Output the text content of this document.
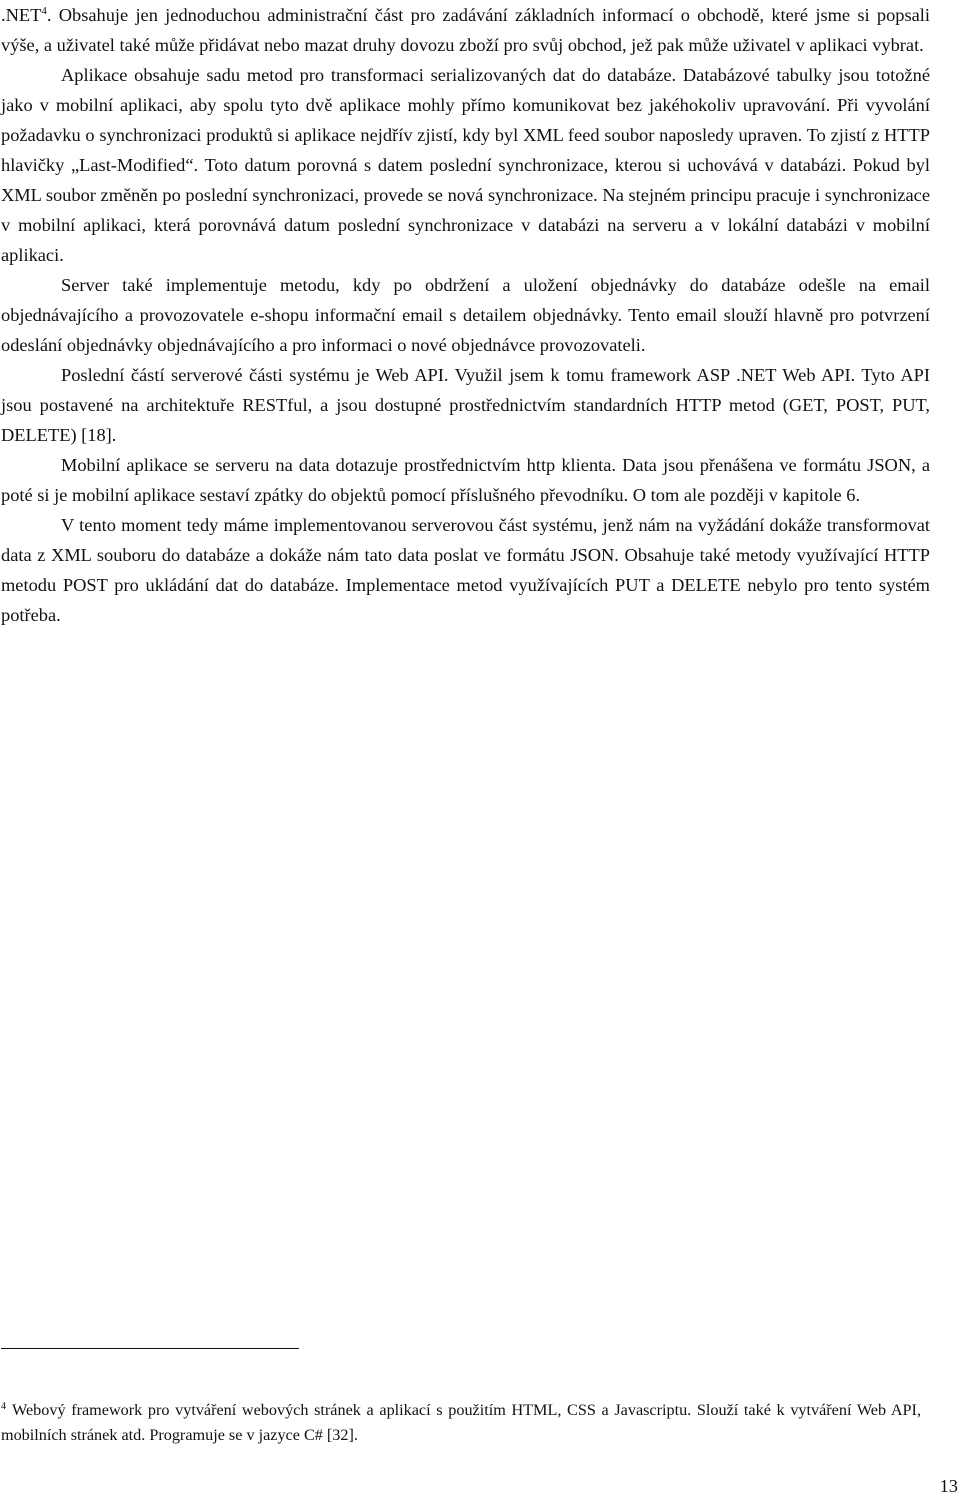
.NET$^4$. Obsahuje jen jednoduchou administrační část pro zadávání základních informací o obchodě, které jsme si popsali výše, a uživatel také může přidávat nebo mazat druhy dovozu zboží pro svůj obchod, jež pak může uživatel v aplikaci vybrat.

Aplikace obsahuje sadu metod pro transformaci serializovaných dat do databáze. Databázové tabulky jsou totožné jako v mobilní aplikaci, aby spolu tyto dvě aplikace mohly přímo komunikovat bez jakéhokoliv upravování. Při vyvolání požadavku o synchronizaci produktů si aplikace nejdřív zjistí, kdy byl XML feed soubor naposledy upraven. To zjistí z HTTP hlavičky „Last-Modified“. Toto datum porovná s datem poslední synchronizace, kterou si uchovává v databázi. Pokud byl XML soubor změněn po poslední synchronizaci, provede se nová synchronizace. Na stejném principu pracuje i synchronizace v mobilní aplikaci, která porovnává datum poslední synchronizace v databázi na serveru a v lokální databázi v mobilní aplikaci.

Server také implementuje metodu, kdy po obdržení a uložení objednávky do databáze odešle na email objednávajícího a provozovatele e-shopu informační email s detailem objednávky. Tento email slouží hlavně pro potvrzení odeslání objednávky objednávajícího a pro informaci o nové objednávce provozovateli.

Poslední částí serverové části systému je Web API. Využil jsem k tomu framework ASP .NET Web API. Tyto API jsou postavené na architektuře RESTful, a jsou dostupné prostřednictvím standardních HTTP metod (GET, POST, PUT, DELETE) [18].

Mobilní aplikace se serveru na data dotazuje prostřednictvím http klienta. Data jsou přenášena ve formátu JSON, a poté si je mobilní aplikace sestaví zpátky do objektů pomocí příslušného převodníku. O tom ale později v kapitole 6.

V tento moment tedy máme implementovanou serverovou část systému, jenž nám na vyžádání dokáže transformovat data z XML souboru do databáze a dokáže nám tato data poslat ve formátu JSON. Obsahuje také metody využívající HTTP metodu POST pro ukládání dat do databáze. Implementace metod využívajících PUT a DELETE nebylo pro tento systém potřeba.

$^4$ Webový framework pro vytváření webových stránek a aplikací s použitím HTML, CSS a Javascriptu. Slouží také k vytváření Web API, mobilních stránek atd. Programuje se v jazyce C# [32].
13
